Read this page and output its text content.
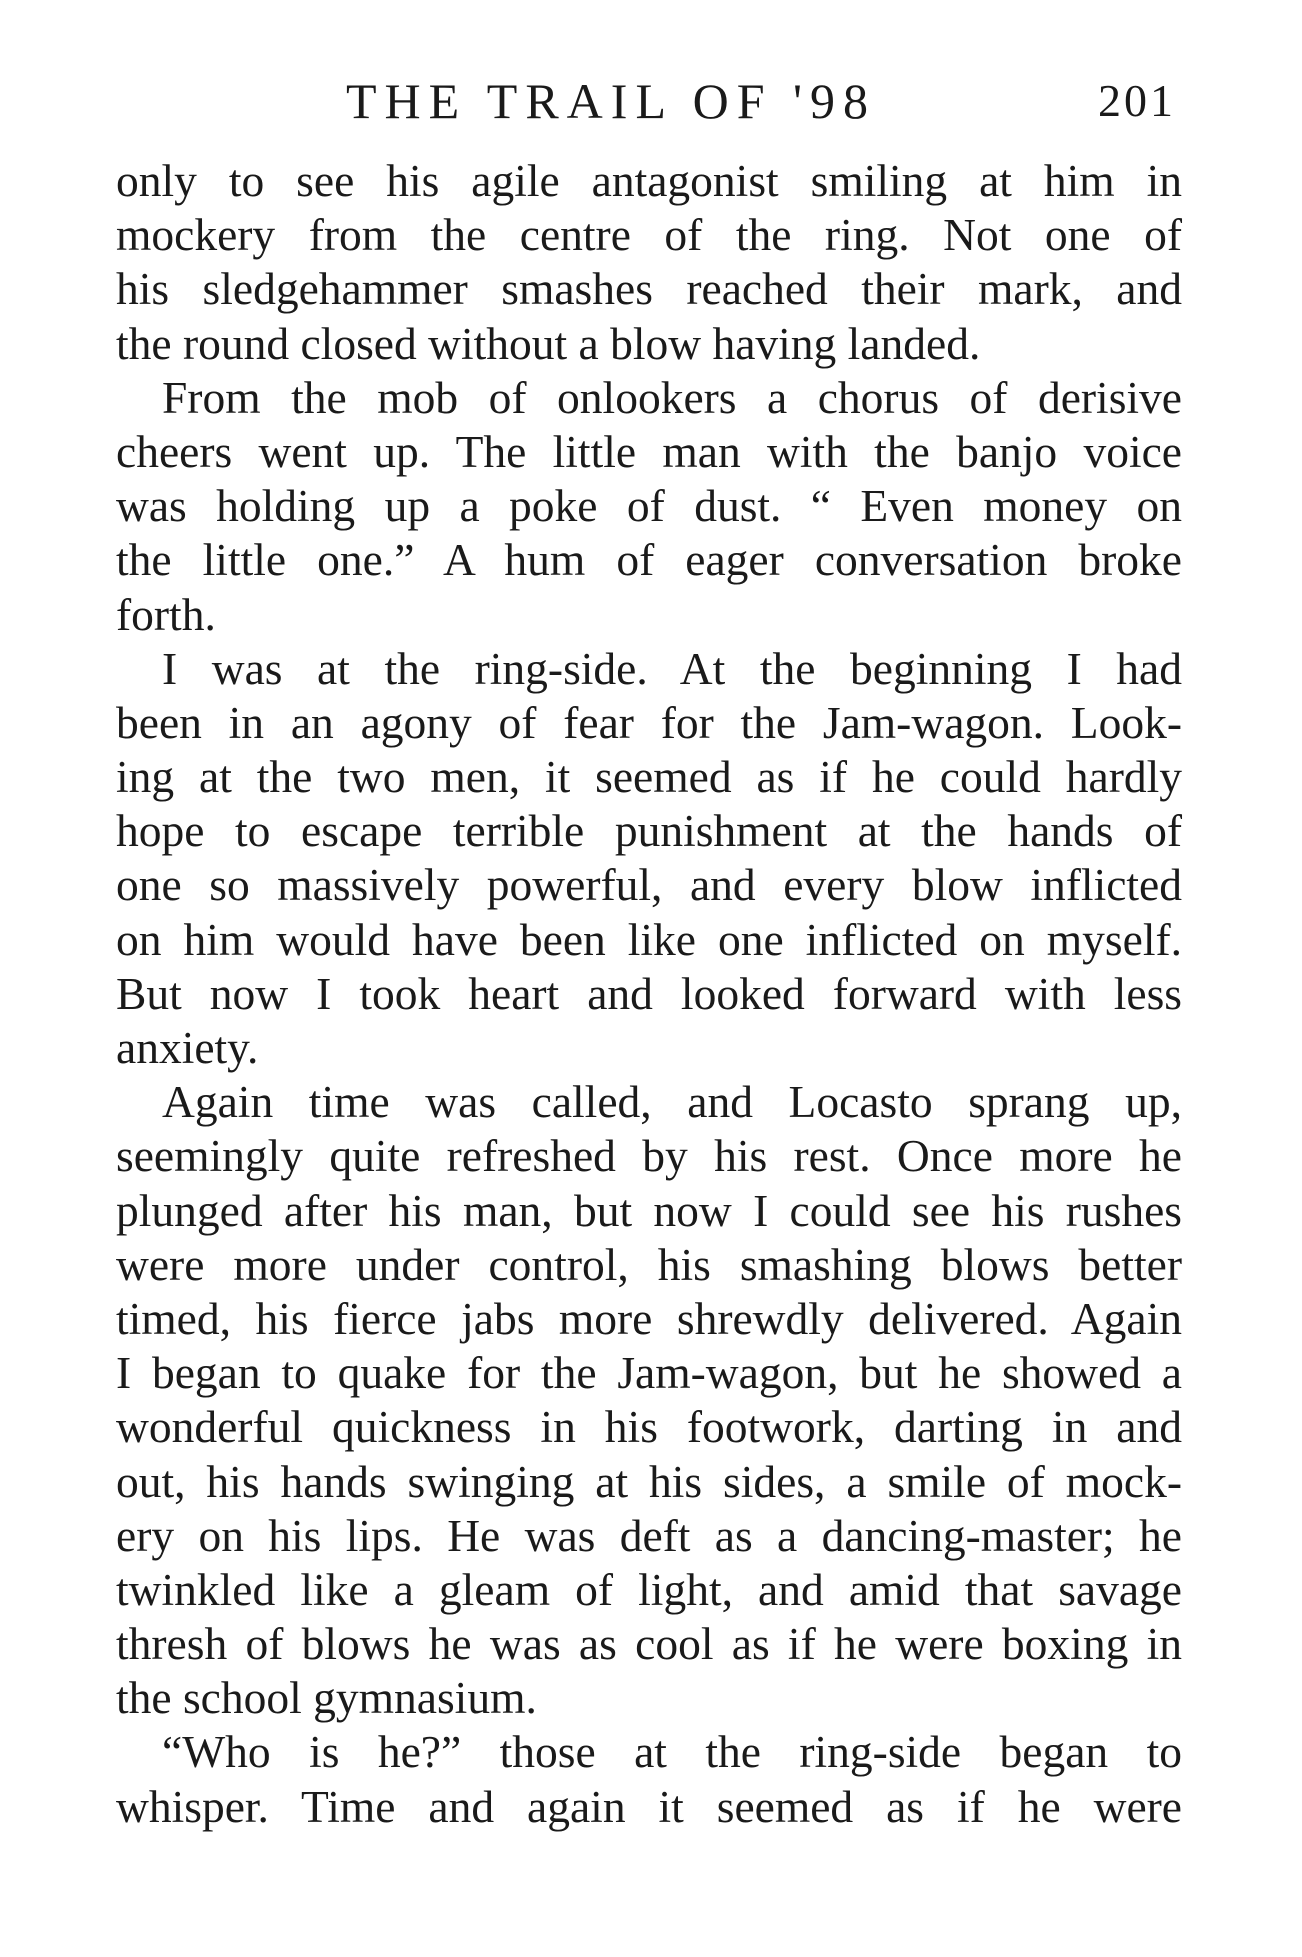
THE TRAIL OF '98	201
only to see his agile antagonist smiling at him in
mockery from the centre of the ring. Not one of
his sledgehammer smashes reached their mark, and
the round closed without a blow having landed.
From the mob of onlookers a chorus of derisive
cheers went up. The little man with the banjo voice
was holding up a poke of dust. “ Even money on
the little one.” A hum of eager conversation broke
forth.
I was at the ring-side. At the beginning I had
been in an agony of fear for the Jam-wagon. Look-
ing at the two men, it seemed as if he could hardly
hope to escape terrible punishment at the hands of
one so massively powerful, and every blow inflicted
on him would have been like one inflicted on myself.
But now I took heart and looked forward with less
anxiety.
Again time was called, and Locasto sprang up,
seemingly quite refreshed by his rest. Once more he
plunged after his man, but now I could see his rushes
were more under control, his smashing blows better
timed, his fierce jabs more shrewdly delivered. Again
I began to quake for the Jam-wagon, but he showed a
wonderful quickness in his footwork, darting in and
out, his hands swinging at his sides, a smile of mock-
ery on his lips. He was deft as a dancing-master; he
twinkled like a gleam of light, and amid that savage
thresh of blows he was as cool as if he were boxing in
the school gymnasium.
“Who is he?” those at the ring-side began to
whisper. Time and again it seemed as if he were
